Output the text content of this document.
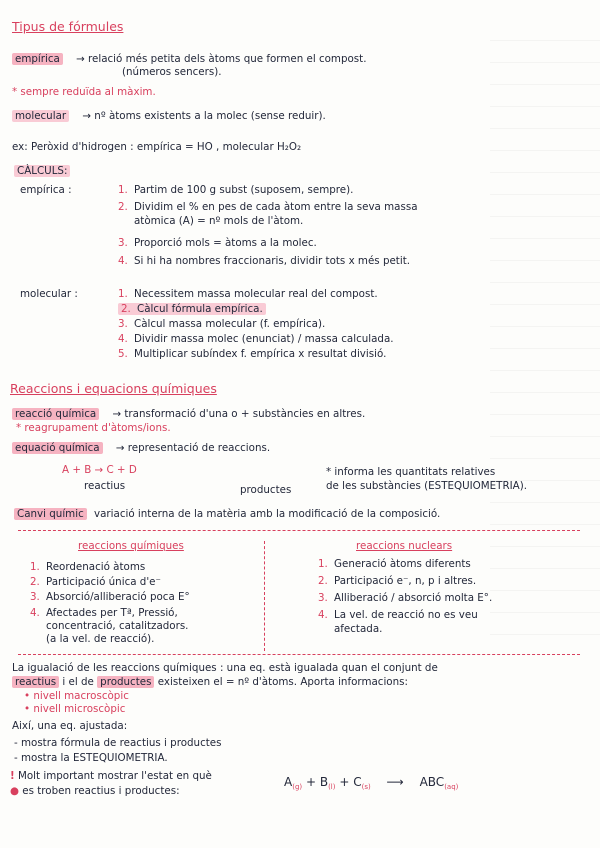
Tipus de fórmules
empírica → relació més petita dels àtoms que formen el compost.
(números sencers).
* sempre reduïda al màxim.
molecular → nº àtoms existents a la molec (sense reduir).
ex: Peròxid d'hidrogen : empírica = HO , molecular H₂O₂
CÀLCULS:
empírica :	1. Partim de 100 g subst (suposem, sempre).
2. Dividim el % en pes de cada àtom entre la seva massa
atòmica (A) = nº mols de l'àtom.
3. Proporció mols = àtoms a la molec.
4. Si hi ha nombres fraccionaris, dividir tots x més petit.
molecular :	1. Necessitem massa molecular real del compost.
2. Càlcul fórmula empírica.
3. Càlcul massa molecular (f. empírica).
4. Dividir massa molec (enunciat) / massa calculada.
5. Multiplicar subíndex f. empírica x resultat divisió.
Reaccions i equacions químiques
reacció química → transformació d'una o + substàncies en altres.
* reagrupament d'àtoms/ions.
equació química → representació de reaccions.
A + B → C + D
reactius	productes
* informa les quantitats relatives
de les substàncies (ESTEQUIOMETRIA).
Canvi químic variació interna de la matèria amb la modificació de la composició.
reaccions químiques
1. Reordenació àtoms
2. Participació única d'e⁻
3. Absorció/alliberació poca E°
4. Afectades per Tª, Pressió,
concentració, catalitzadors.
(a la vel. de reacció).
reaccions nuclears
1. Generació àtoms diferents
2. Participació e⁻, n, p i altres.
3. Alliberació / absorció molta E°.
4. La vel. de reacció no es veu
afectada.
La igualació de les reaccions químiques : una eq. està igualada quan el conjunt de
reactius i el de productes existeixen el = nº d'àtoms. Aporta informacions:
• nivell macroscòpic
• nivell microscòpic
Així, una eq. ajustada:
- mostra fórmula de reactius i productes
- mostra la ESTEQUIOMETRIA.
! Molt important mostrar l'estat en què
● es troben reactius i productes:
$A_{(g)} + B_{(l)} + C_{(s)}$ ⟶ $ABC_{(aq)}$
